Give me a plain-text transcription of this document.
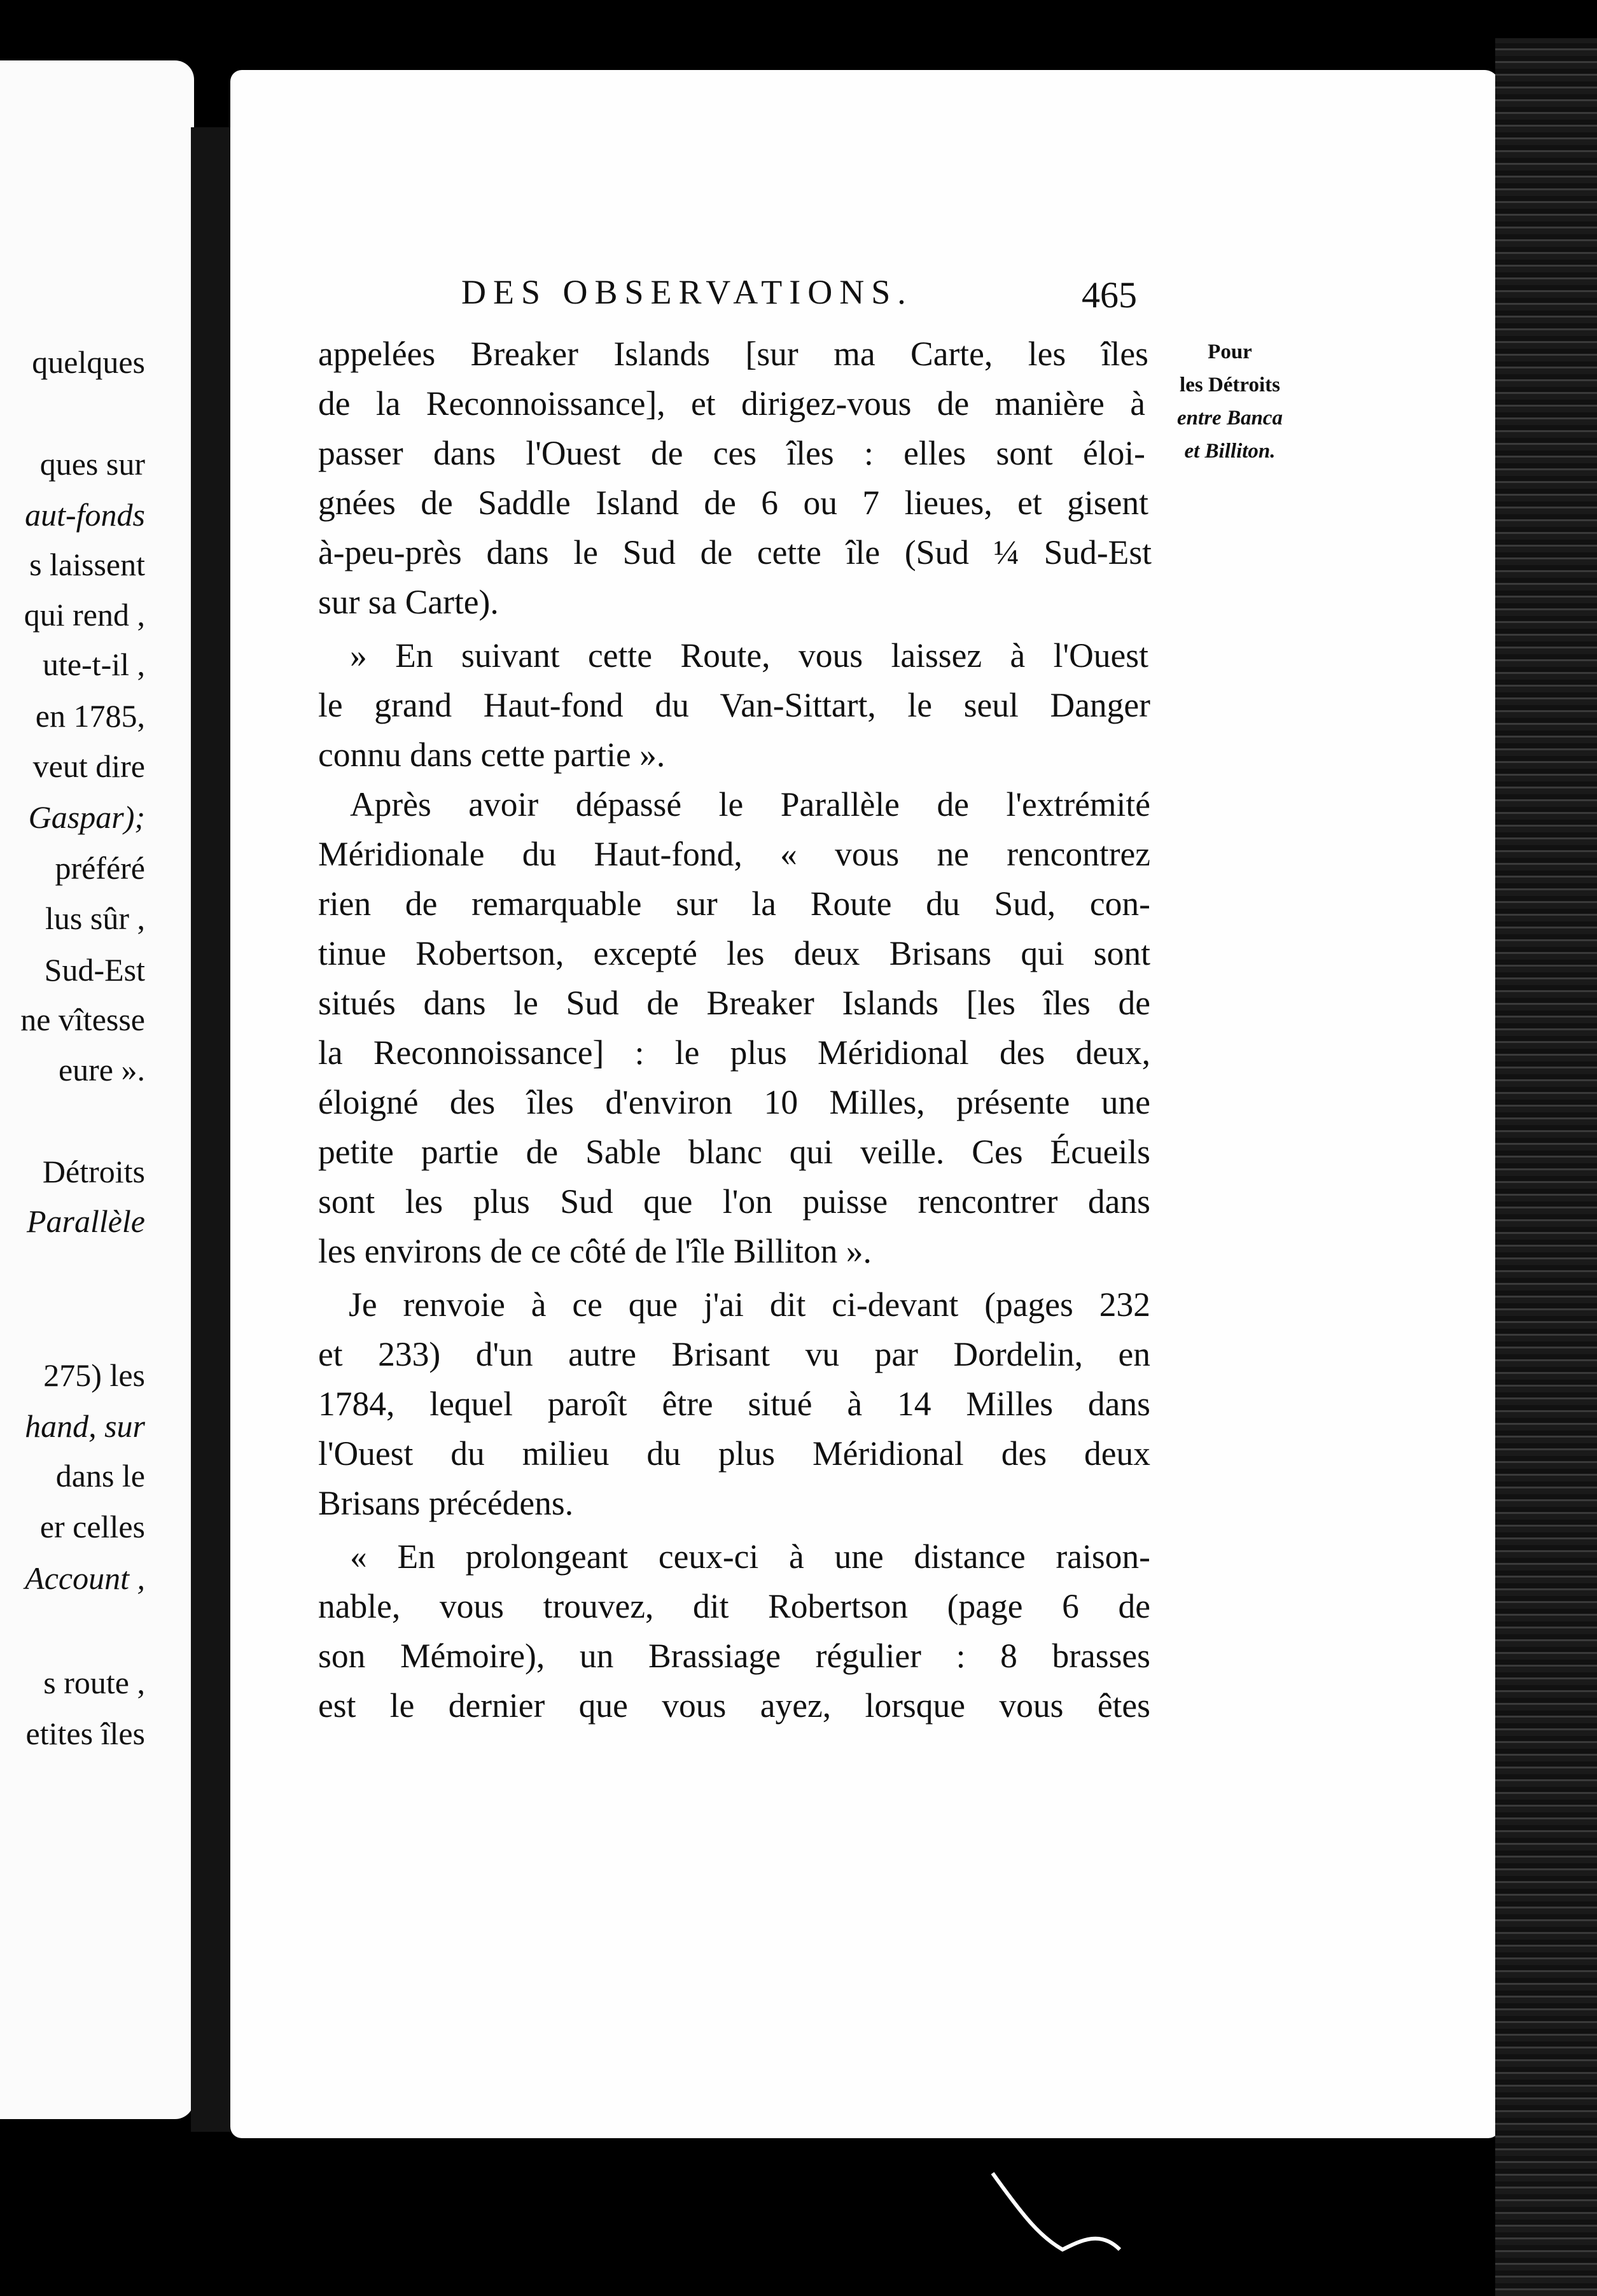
quelques
ques sur
aut-fonds
s laissent
qui rend ,
ute-t-il ,
en 1785,
veut dire
Gaspar);
préféré
lus sûr ,
Sud-Est
ne vîtesse
eure ».
Détroits
Parallèle
275) les
hand, sur
dans le
er celles
Account ,
s route ,
etites îles
DES OBSERVATIONS.	465
Pour
les Détroits
entre Banca
et Billiton.
appelées Breaker Islands [sur ma Carte, les îles
de la Reconnoissance], et dirigez-vous de manière à
passer dans l'Ouest de ces îles : elles sont éloi-
gnées de Saddle Island de 6 ou 7 lieues, et gisent
à-peu-près dans le Sud de cette île (Sud ¼ Sud-Est
sur sa Carte).
» En suivant cette Route, vous laissez à l'Ouest
le grand Haut-fond du Van-Sittart, le seul Danger
connu dans cette partie ».
Après avoir dépassé le Parallèle de l'extrémité
Méridionale du Haut-fond, « vous ne rencontrez
rien de remarquable sur la Route du Sud, con-
tinue Robertson, excepté les deux Brisans qui sont
situés dans le Sud de Breaker Islands [les îles de
la Reconnoissance] : le plus Méridional des deux,
éloigné des îles d'environ 10 Milles, présente une
petite partie de Sable blanc qui veille. Ces Écueils
sont les plus Sud que l'on puisse rencontrer dans
les environs de ce côté de l'île Billiton ».
Je renvoie à ce que j'ai dit ci-devant (pages 232
et 233) d'un autre Brisant vu par Dordelin, en
1784, lequel paroît être situé à 14 Milles dans
l'Ouest du milieu du plus Méridional des deux
Brisans précédens.
« En prolongeant ceux-ci à une distance raison-
nable, vous trouvez, dit Robertson (page 6 de
son Mémoire), un Brassiage régulier : 8 brasses
est le dernier que vous ayez, lorsque vous êtes
